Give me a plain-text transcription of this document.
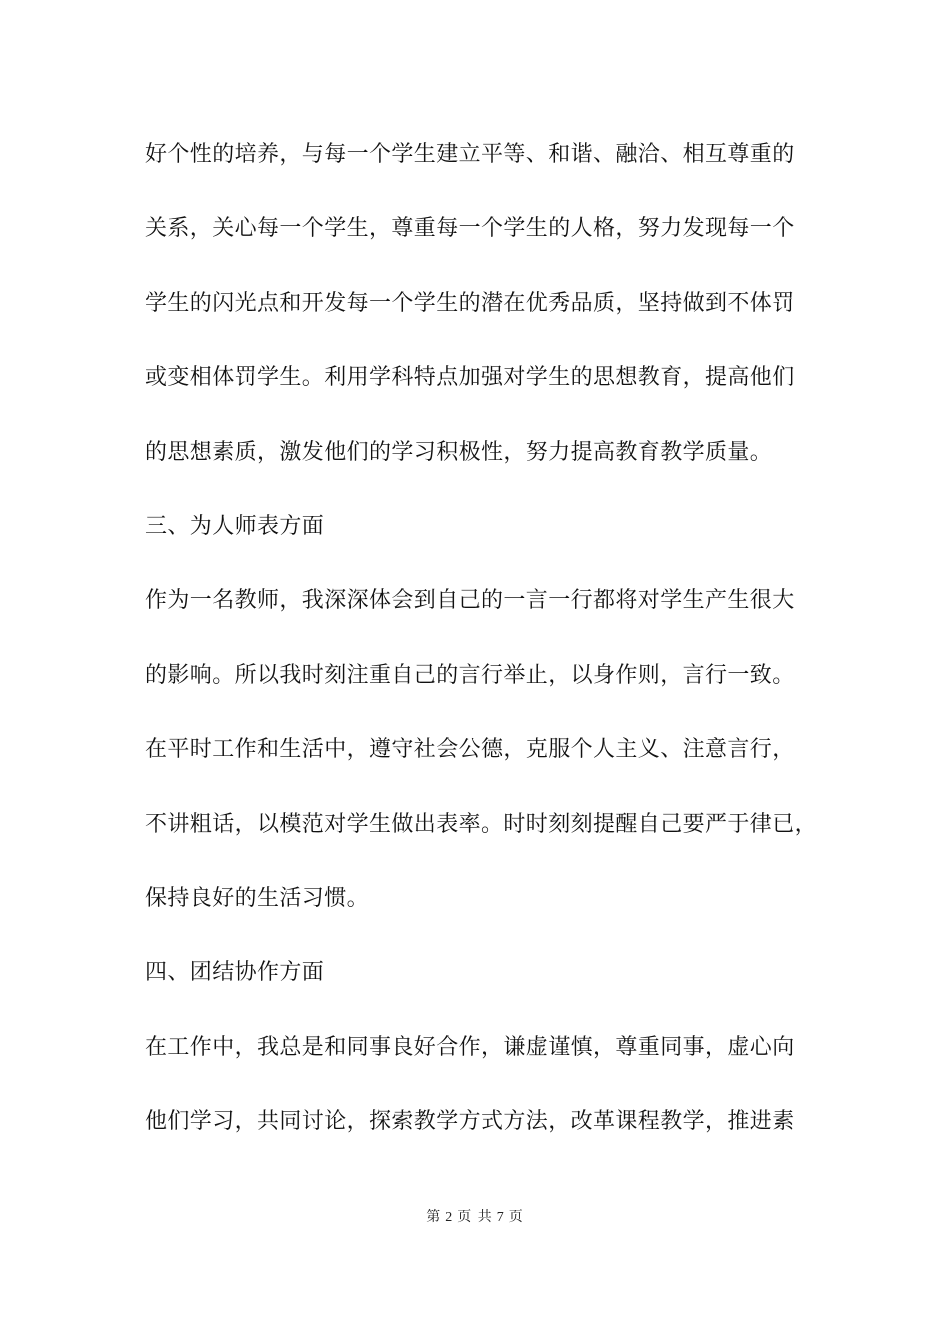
好个性的培养，与每一个学生建立平等、和谐、融洽、相互尊重的
关系，关心每一个学生，尊重每一个学生的人格，努力发现每一个
学生的闪光点和开发每一个学生的潜在优秀品质，坚持做到不体罚
或变相体罚学生。利用学科特点加强对学生的思想教育，提高他们
的思想素质，激发他们的学习积极性，努力提高教育教学质量。
三、为人师表方面
作为一名教师，我深深体会到自己的一言一行都将对学生产生很大
的影响。所以我时刻注重自己的言行举止，以身作则，言行一致。
在平时工作和生活中，遵守社会公德，克服个人主义、注意言行，
不讲粗话，以模范对学生做出表率。时时刻刻提醒自己要严于律已，
保持良好的生活习惯。
四、团结协作方面
在工作中，我总是和同事良好合作，谦虚谨慎，尊重同事，虚心向
他们学习，共同讨论，探索教学方式方法，改革课程教学，推进素
第 2 页 共 7 页
